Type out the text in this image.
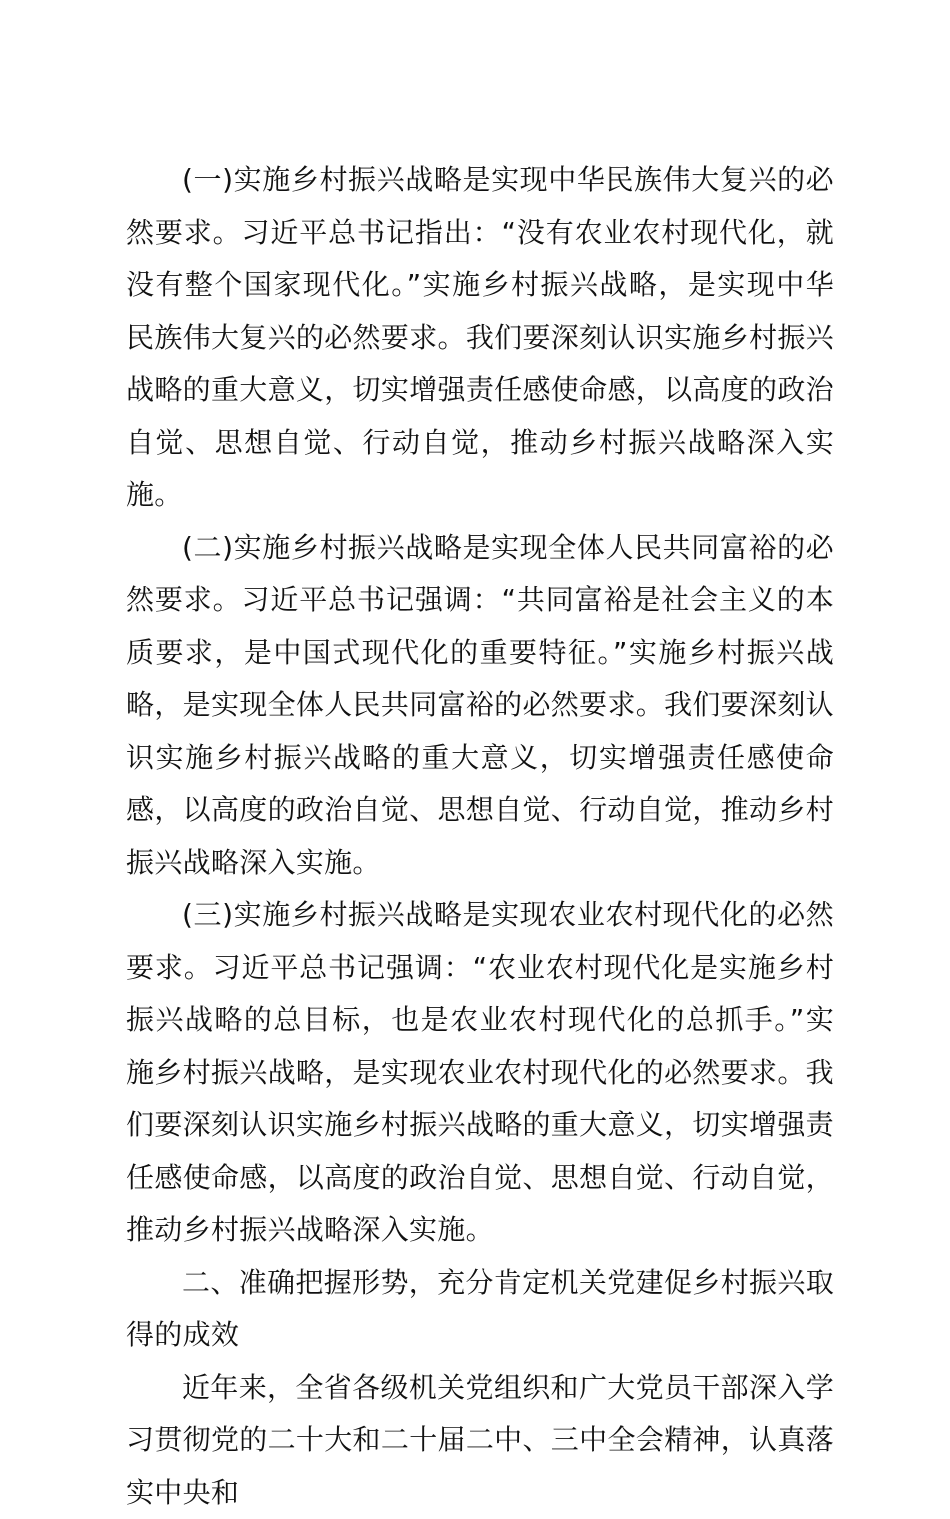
(一)实施乡村振兴战略是实现中华民族伟大复兴的必然要求。习近平总书记指出：“没有农业农村现代化，就没有整个国家现代化。”实施乡村振兴战略，是实现中华民族伟大复兴的必然要求。我们要深刻认识实施乡村振兴战略的重大意义，切实增强责任感使命感，以高度的政治自觉、思想自觉、行动自觉，推动乡村振兴战略深入实施。

(二)实施乡村振兴战略是实现全体人民共同富裕的必然要求。习近平总书记强调：“共同富裕是社会主义的本质要求，是中国式现代化的重要特征。”实施乡村振兴战略，是实现全体人民共同富裕的必然要求。我们要深刻认识实施乡村振兴战略的重大意义，切实增强责任感使命感，以高度的政治自觉、思想自觉、行动自觉，推动乡村振兴战略深入实施。

(三)实施乡村振兴战略是实现农业农村现代化的必然要求。习近平总书记强调：“农业农村现代化是实施乡村振兴战略的总目标，也是农业农村现代化的总抓手。”实施乡村振兴战略，是实现农业农村现代化的必然要求。我们要深刻认识实施乡村振兴战略的重大意义，切实增强责任感使命感，以高度的政治自觉、思想自觉、行动自觉，推动乡村振兴战略深入实施。

二、准确把握形势，充分肯定机关党建促乡村振兴取得的成效

近年来，全省各级机关党组织和广大党员干部深入学习贯彻党的二十大和二十届二中、三中全会精神，认真落实中央和
